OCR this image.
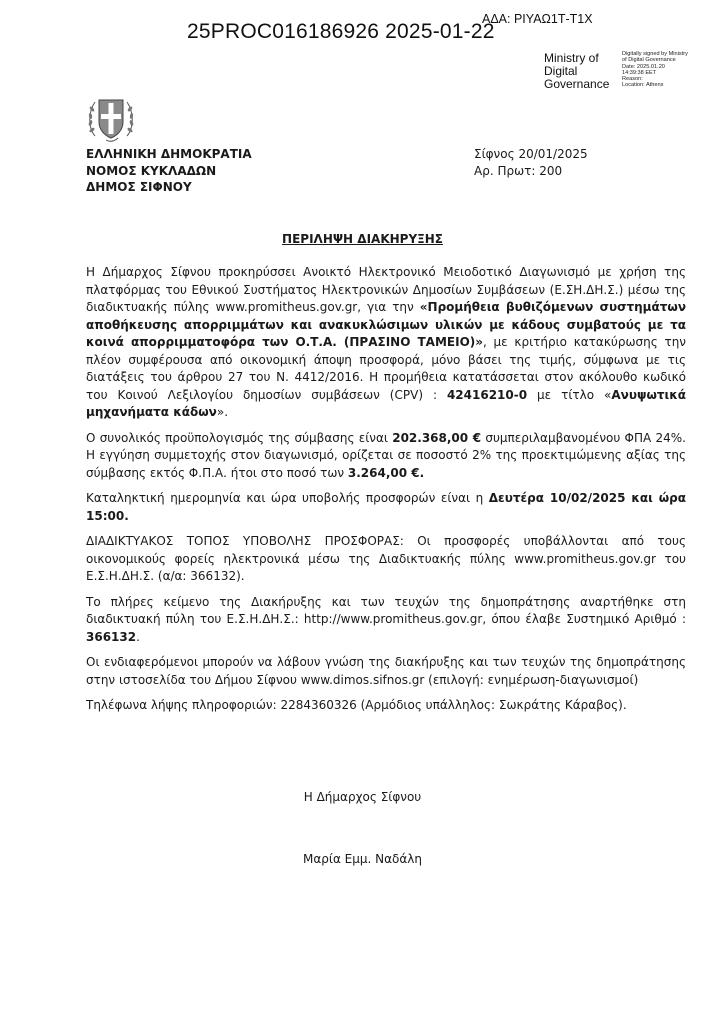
25PROC016186926 2025-01-22
ΑΔΑ: ΡΙΥΑΩ1Τ-Τ1Χ
Ministry of
Digital
Governance
Digitally signed by Ministry
of Digital Governance
Date: 2025.01.20
14:39:38 EET
Reason:
Location: Athens
ΕΛΛΗΝΙΚΗ ΔΗΜΟΚΡΑΤΙΑ
ΝΟΜΟΣ ΚΥΚΛΑΔΩΝ
ΔΗΜΟΣ ΣΙΦΝΟΥ
Σίφνος 20/01/2025
Αρ. Πρωτ: 200
ΠΕΡΙΛΗΨΗ ΔΙΑΚΗΡΥΞΗΣ

Η Δήμαρχος Σίφνου προκηρύσσει Ανοικτό Ηλεκτρονικό Μειοδοτικό Διαγωνισμό με χρήση της πλατφόρμας του Εθνικού Συστήματος Ηλεκτρονικών Δημοσίων Συμβάσεων (Ε.ΣΗ.ΔΗ.Σ.) μέσω της διαδικτυακής πύλης www.promitheus.gov.gr, για την «Προμήθεια βυθιζόμενων συστημάτων αποθήκευσης απορριμμάτων και ανακυκλώσιμων υλικών με κάδους συμβατούς με τα κοινά απορριμματοφόρα των Ο.Τ.Α. (ΠΡΑΣΙΝΟ ΤΑΜΕΙΟ)», με κριτήριο κατακύρωσης την πλέον συμφέρουσα από οικονομική άποψη προσφορά, μόνο βάσει της τιμής, σύμφωνα με τις διατάξεις του άρθρου 27 του Ν. 4412/2016. Η προμήθεια κατατάσσεται στον ακόλουθο κωδικό του Κοινού Λεξιλογίου δημοσίων συμβάσεων (CPV) : 42416210-0 με τίτλο «Ανυψωτικά μηχανήματα κάδων».

Ο συνολικός προϋπολογισμός της σύμβασης είναι 202.368,00 € συμπεριλαμβανομένου ΦΠΑ 24%. Η εγγύηση συμμετοχής στον διαγωνισμό, ορίζεται σε ποσοστό 2% της προεκτιμώμενης αξίας της σύμβασης εκτός Φ.Π.Α. ήτοι στο ποσό των 3.264,00 €.

Καταληκτική ημερομηνία και ώρα υποβολής προσφορών είναι η Δευτέρα 10/02/2025 και ώρα 15:00.

ΔΙΑΔΙΚΤΥΑΚΟΣ ΤΟΠΟΣ ΥΠΟΒΟΛΗΣ ΠΡΟΣΦΟΡΑΣ: Οι προσφορές υποβάλλονται από τους οικονομικούς φορείς ηλεκτρονικά μέσω της Διαδικτυακής πύλης www.promitheus.gov.gr του Ε.Σ.Η.ΔΗ.Σ. (α/α: 366132).

Το πλήρες κείμενο της Διακήρυξης και των τευχών της δημοπράτησης αναρτήθηκε στη διαδικτυακή πύλη του Ε.Σ.Η.ΔΗ.Σ.: http://www.promitheus.gov.gr, όπου έλαβε Συστημικό Αριθμό : 366132.

Οι ενδιαφερόμενοι μπορούν να λάβουν γνώση της διακήρυξης και των τευχών της δημοπράτησης στην ιστοσελίδα του Δήμου Σίφνου www.dimos.sifnos.gr (επιλογή: ενημέρωση-διαγωνισμοί)

Τηλέφωνα λήψης πληροφοριών: 2284360326 (Αρμόδιος υπάλληλος: Σωκράτης Κάραβος).

Η Δήμαρχος Σίφνου
Μαρία Εμμ. Ναδάλη
